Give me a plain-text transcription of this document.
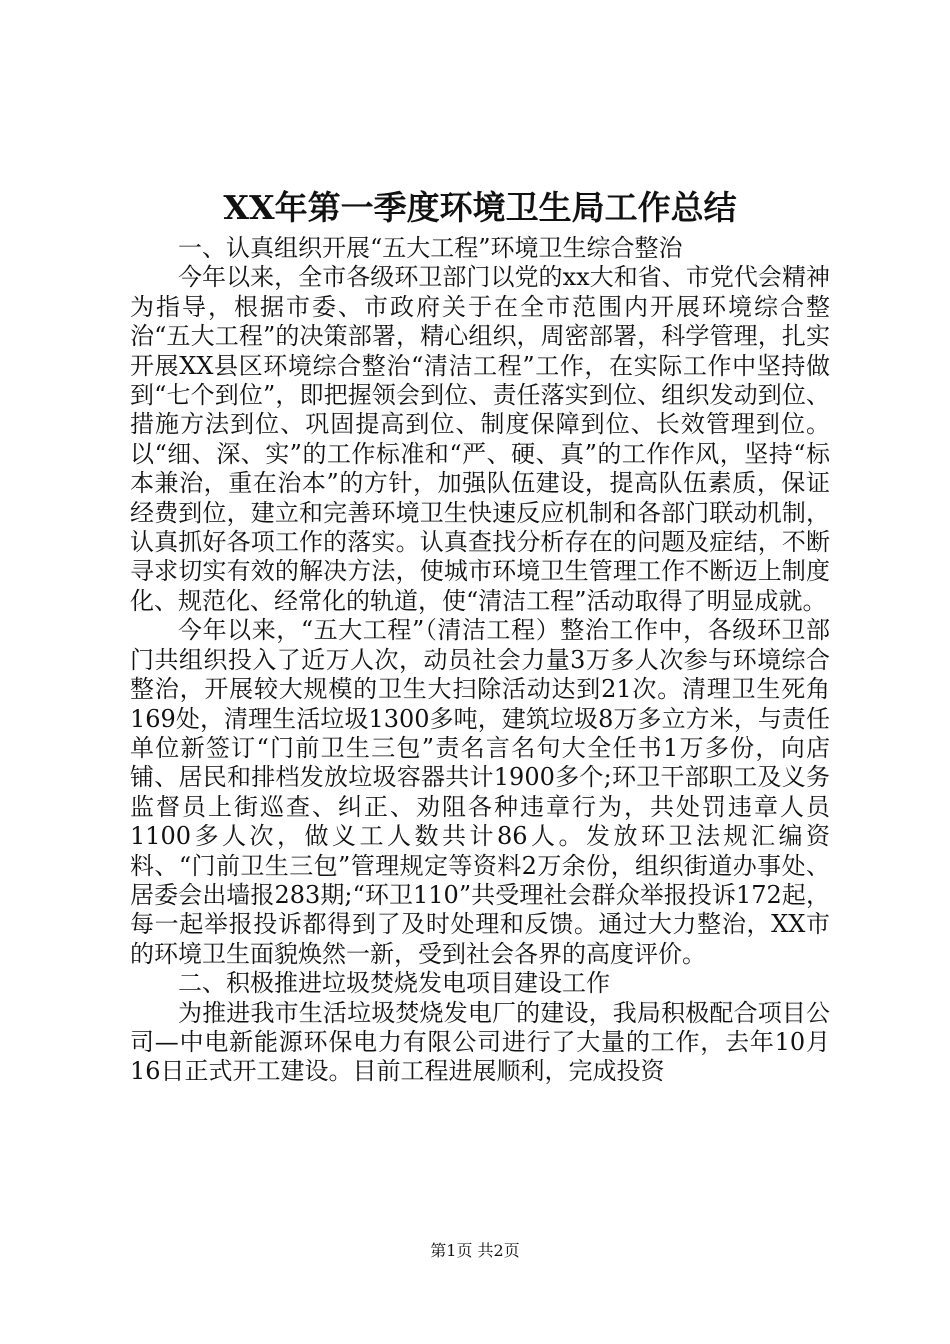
XX年第一季度环境卫生局工作总结

一、认真组织开展“五大工程”环境卫生综合整治

今年以来，全市各级环卫部门以党的xx大和省、市党代会精神为指导，根据市委、市政府关于在全市范围内开展环境综合整治“五大工程”的决策部署，精心组织，周密部署，科学管理，扎实开展XX县区环境综合整治“清洁工程”工作，在实际工作中坚持做到“七个到位”，即把握领会到位、责任落实到位、组织发动到位、措施方法到位、巩固提高到位、制度保障到位、长效管理到位。以“细、深、实”的工作标准和“严、硬、真”的工作作风，坚持“标本兼治，重在治本”的方针，加强队伍建设，提高队伍素质，保证经费到位，建立和完善环境卫生快速反应机制和各部门联动机制，认真抓好各项工作的落实。认真查找分析存在的问题及症结，不断寻求切实有效的解决方法，使城市环境卫生管理工作不断迈上制度化、规范化、经常化的轨道，使“清洁工程”活动取得了明显成就。

今年以来，“五大工程”（清洁工程）整治工作中，各级环卫部门共组织投入了近万人次，动员社会力量3万多人次参与环境综合整治，开展较大规模的卫生大扫除活动达到21次。清理卫生死角169处，清理生活垃圾1300多吨，建筑垃圾8万多立方米，与责任单位新签订“门前卫生三包”责名言名句大全任书1万多份，向店铺、居民和排档发放垃圾容器共计1900多个;环卫干部职工及义务监督员上街巡查、纠正、劝阻各种违章行为，共处罚违章人员1100多人次，做义工人数共计86人。发放环卫法规汇编资料、“门前卫生三包”管理规定等资料2万余份，组织街道办事处、居委会出墙报283期;“环卫110”共受理社会群众举报投诉172起，每一起举报投诉都得到了及时处理和反馈。通过大力整治，XX市的环境卫生面貌焕然一新，受到社会各界的高度评价。

二、积极推进垃圾焚烧发电项目建设工作

为推进我市生活垃圾焚烧发电厂的建设，我局积极配合项目公司—中电新能源环保电力有限公司进行了大量的工作，去年10月16日正式开工建设。目前工程进展顺利，完成投资

第1页 共2页
